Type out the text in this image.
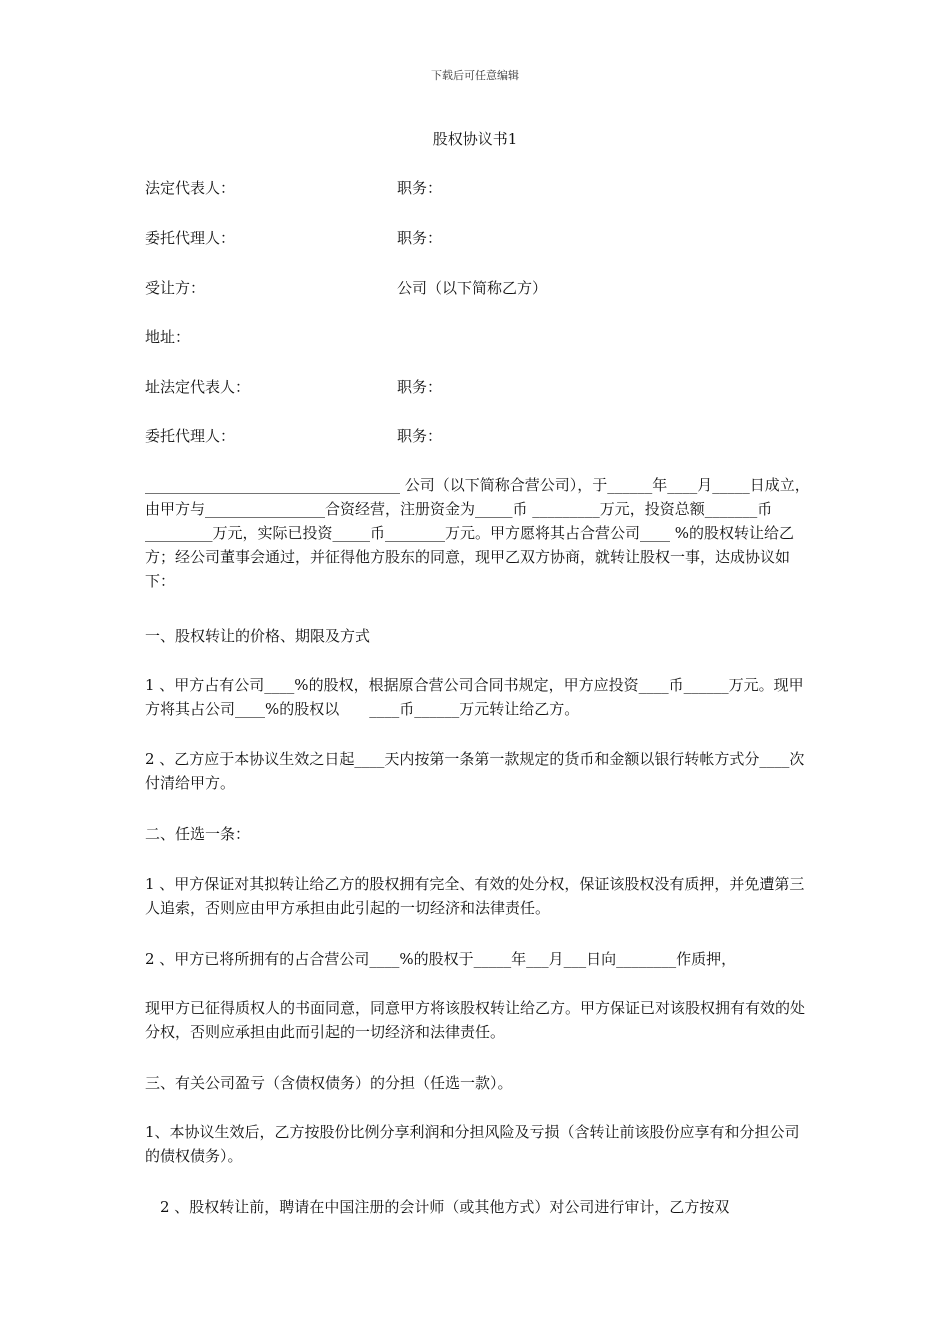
下载后可任意编辑
股权协议书1
法定代表人：	职务：
委托代理人：	职务：
受让方：	公司（以下简称乙方）
地址：
址法定代表人：	职务：
委托代理人：	职务：
__________________________________ 公司（以下简称合营公司），于______年____月_____日成立，由甲方与________________合资经营，注册资金为_____币 _________万元，投资总额_______币_________万元，实际已投资_____币________万元。甲方愿将其占合营公司____ %的股权转让给乙方；经公司董事会通过，并征得他方股东的同意，现甲乙双方协商，就转让股权一事，达成协议如下：
一、股权转让的价格、期限及方式
1 、甲方占有公司____%的股权，根据原合营公司合同书规定，甲方应投资____币______万元。现甲方将其占公司____%的股权以　　____币______万元转让给乙方。
2 、乙方应于本协议生效之日起____天内按第一条第一款规定的货币和金额以银行转帐方式分____次付清给甲方。
二、任选一条：
1 、甲方保证对其拟转让给乙方的股权拥有完全、有效的处分权，保证该股权没有质押，并免遭第三人追索，否则应由甲方承担由此引起的一切经济和法律责任。
2 、甲方已将所拥有的占合营公司____%的股权于_____年___月___日向________作质押，
现甲方已征得质权人的书面同意，同意甲方将该股权转让给乙方。甲方保证已对该股权拥有有效的处分权，否则应承担由此而引起的一切经济和法律责任。
三、有关公司盈亏（含债权债务）的分担（任选一款）。
1、本协议生效后，乙方按股份比例分享利润和分担风险及亏损（含转让前该股份应享有和分担公司的债权债务）。
　2 、股权转让前，聘请在中国注册的会计师（或其他方式）对公司进行审计，乙方按双
